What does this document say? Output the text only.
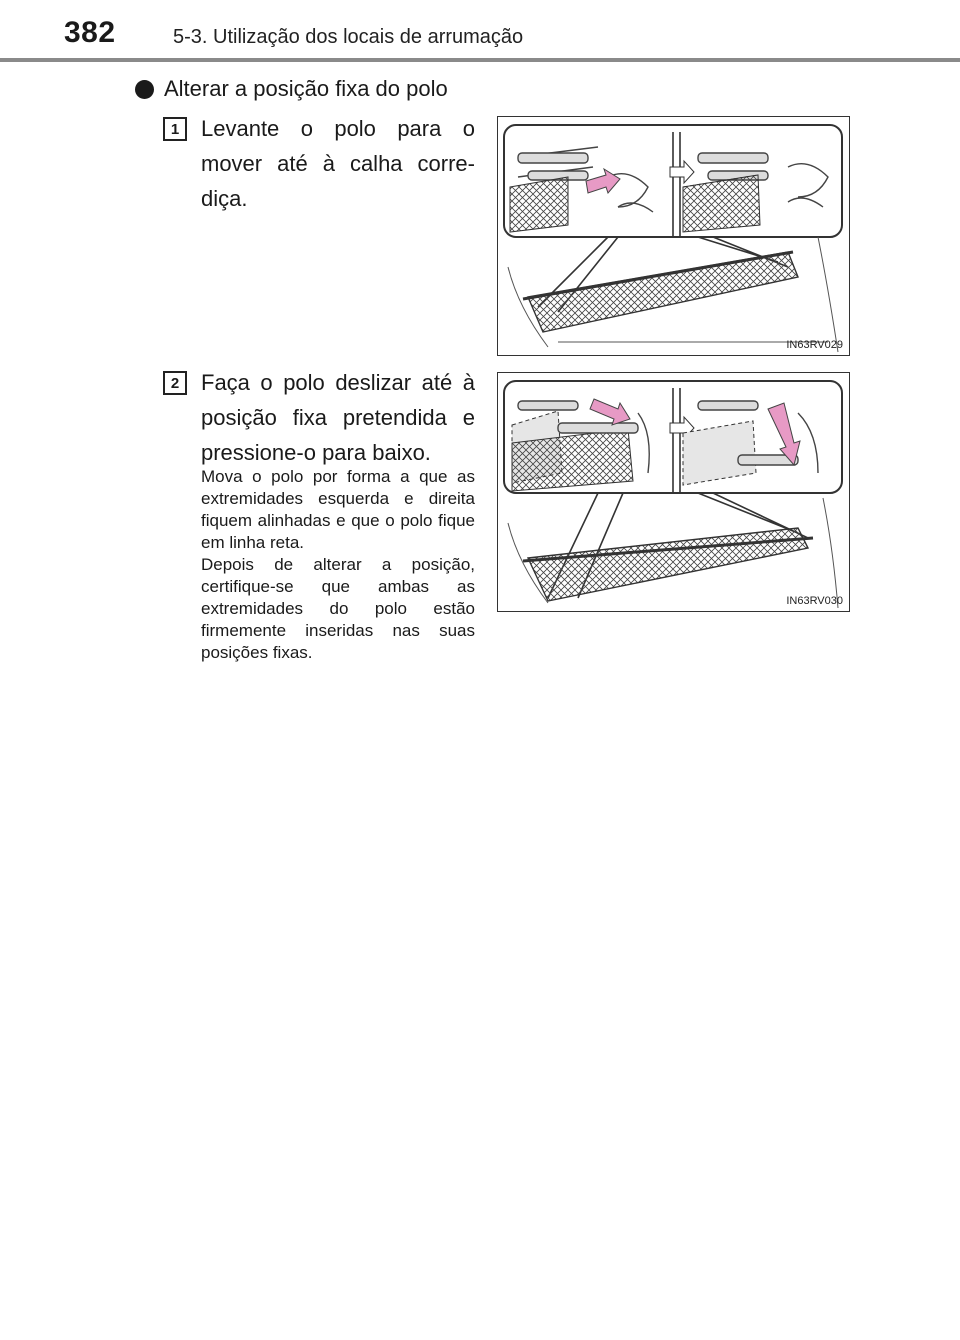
382	5-3. Utilização dos locais de arrumação
Alterar a posição fixa do polo
1 Levante o polo para o mover até à calha corre-diça.
IN63RV029
2 Faça o polo deslizar até à posição fixa pretendida e pressione-o para baixo.

Mova o polo por forma a que as extremidades esquerda e direita fiquem alinhadas e que o polo fique em linha reta.

Depois de alterar a posição, certifique-se que ambas as extremidades do polo estão firmemente inseridas nas suas posições fixas.

IN63RV030
